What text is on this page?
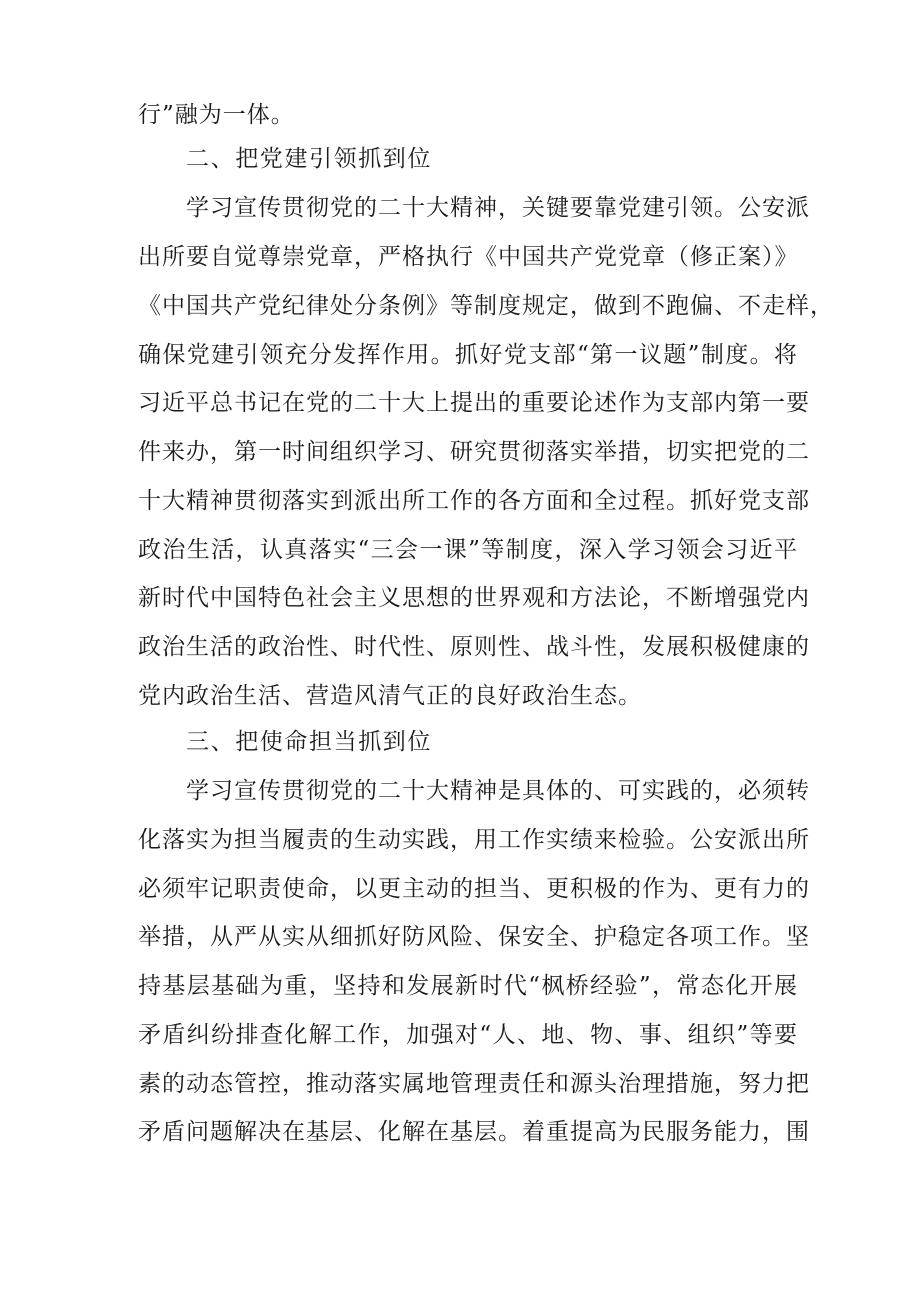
行”融为一体。
二、把党建引领抓到位
学习宣传贯彻党的二十大精神，关键要靠党建引领。公安派
出所要自觉尊崇党章，严格执行《中国共产党党章（修正案）》
《中国共产党纪律处分条例》等制度规定，做到不跑偏、不走样，
确保党建引领充分发挥作用。抓好党支部“第一议题”制度。将
习近平总书记在党的二十大上提出的重要论述作为支部内第一要
件来办，第一时间组织学习、研究贯彻落实举措，切实把党的二
十大精神贯彻落实到派出所工作的各方面和全过程。抓好党支部
政治生活，认真落实“三会一课”等制度，深入学习领会习近平
新时代中国特色社会主义思想的世界观和方法论，不断增强党内
政治生活的政治性、时代性、原则性、战斗性，发展积极健康的
党内政治生活、营造风清气正的良好政治生态。
三、把使命担当抓到位
学习宣传贯彻党的二十大精神是具体的、可实践的，必须转
化落实为担当履责的生动实践，用工作实绩来检验。公安派出所
必须牢记职责使命，以更主动的担当、更积极的作为、更有力的
举措，从严从实从细抓好防风险、保安全、护稳定各项工作。坚
持基层基础为重，坚持和发展新时代“枫桥经验”，常态化开展
矛盾纠纷排查化解工作，加强对“人、地、物、事、组织”等要
素的动态管控，推动落实属地管理责任和源头治理措施，努力把
矛盾问题解决在基层、化解在基层。着重提高为民服务能力，围
